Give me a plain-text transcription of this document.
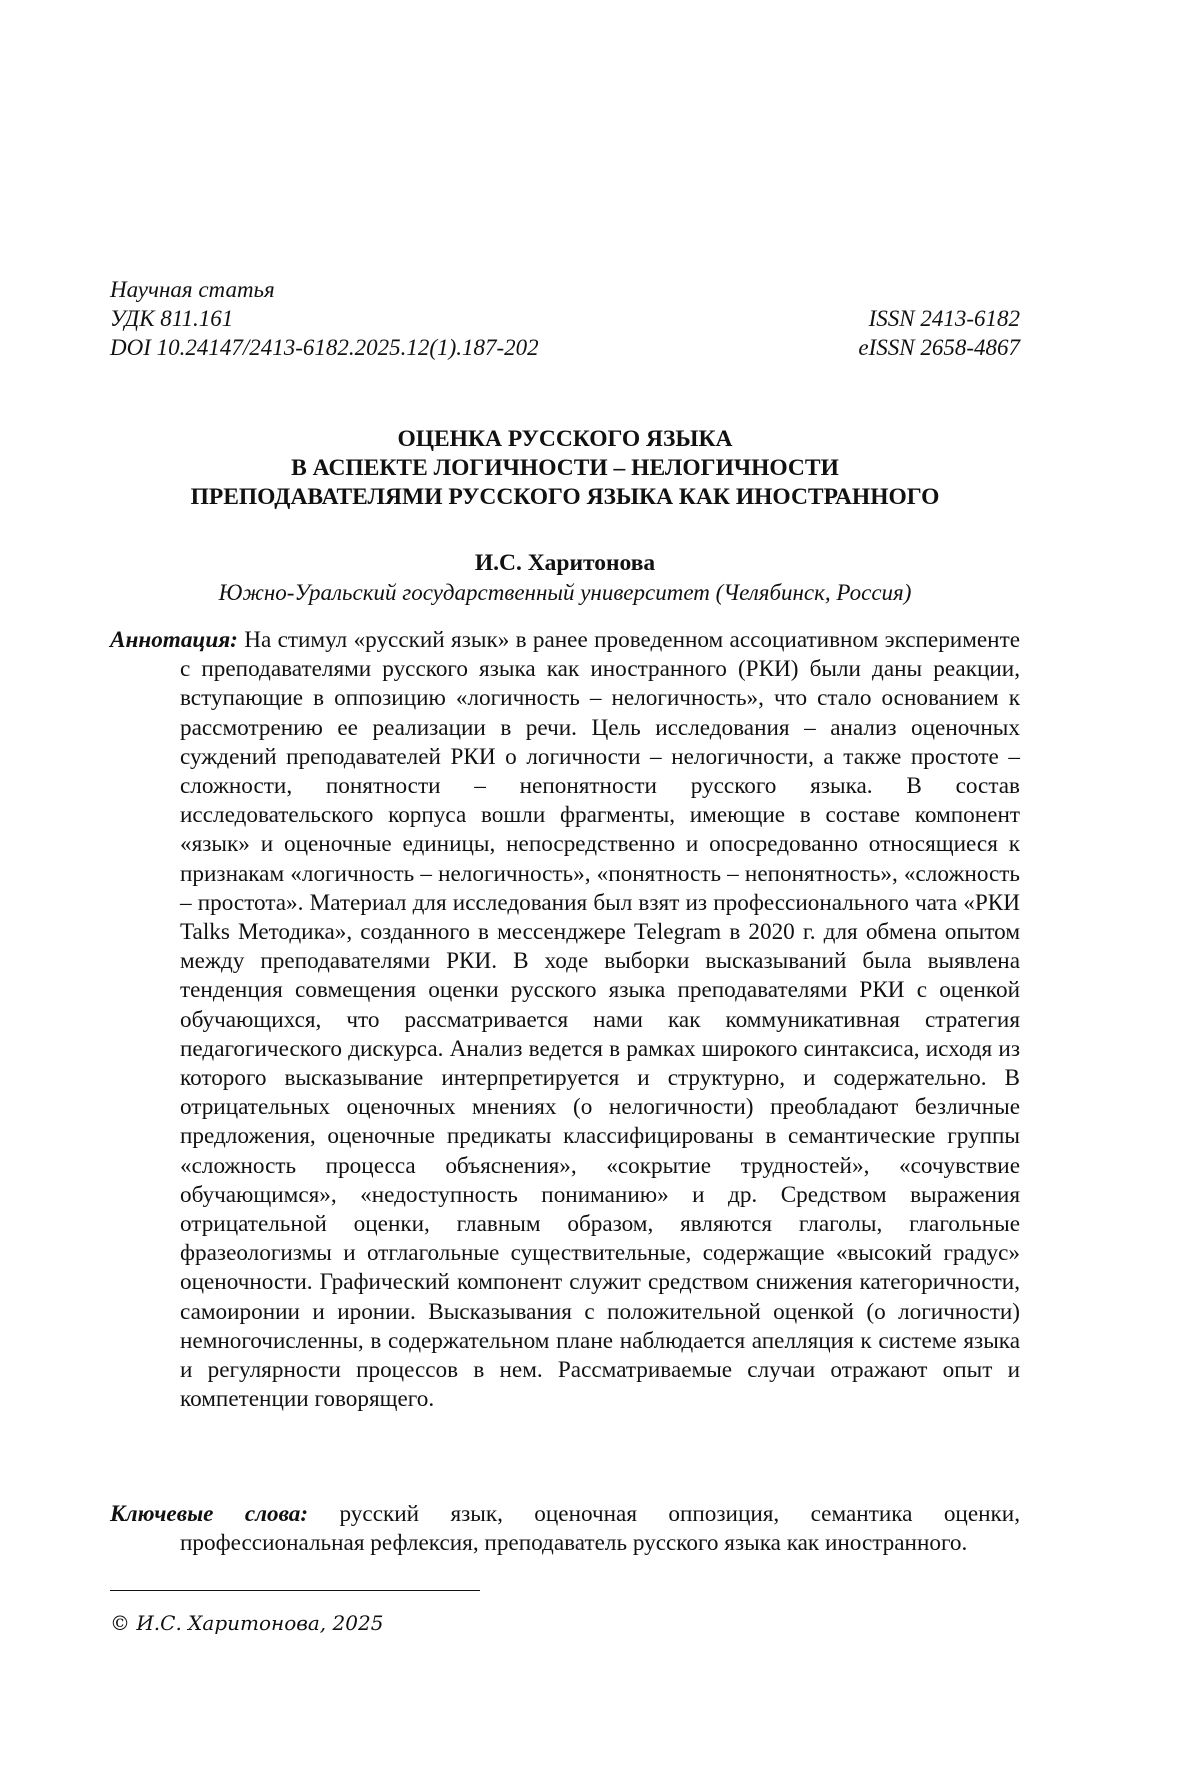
Научная статья
УДК 811.161	ISSN 2413-6182
DOI 10.24147/2413-6182.2025.12(1).187-202	eISSN 2658-4867
ОЦЕНКА РУССКОГО ЯЗЫКА
В АСПЕКТЕ ЛОГИЧНОСТИ – НЕЛОГИЧНОСТИ
ПРЕПОДАВАТЕЛЯМИ РУССКОГО ЯЗЫКА КАК ИНОСТРАННОГО
И.С. Харитонова
Южно-Уральский государственный университет (Челябинск, Россия)
Аннотация: На стимул «русский язык» в ранее проведенном ассоциативном эксперименте с преподавателями русского языка как иностранного (РКИ) были даны реакции, вступающие в оппозицию «логичность – нелогичность», что стало основанием к рассмотрению ее реализации в речи. Цель исследования – анализ оценочных суждений преподавателей РКИ о логичности – нелогичности, а также простоте – сложности, понятности – непонятности русского языка. В состав исследовательского корпуса вошли фрагменты, имеющие в составе компонент «язык» и оценочные единицы, непосредственно и опосредованно относящиеся к признакам «логичность – нелогичность», «понятность – непонятность», «сложность – простота». Материал для исследования был взят из профессионального чата «РКИ Talks Методика», созданного в мессенджере Telegram в 2020 г. для обмена опытом между преподавателями РКИ. В ходе выборки высказываний была выявлена тенденция совмещения оценки русского языка преподавателями РКИ с оценкой обучающихся, что рассматривается нами как коммуникативная стратегия педагогического дискурса. Анализ ведется в рамках широкого синтаксиса, исходя из которого высказывание интерпретируется и структурно, и содержательно. В отрицательных оценочных мнениях (о нелогичности) преобладают безличные предложения, оценочные предикаты классифицированы в семантические группы «сложность процесса объяснения», «сокрытие трудностей», «сочувствие обучающимся», «недоступность пониманию» и др. Средством выражения отрицательной оценки, главным образом, являются глаголы, глагольные фразеологизмы и отглагольные существительные, содержащие «высокий градус» оценочности. Графический компонент служит средством снижения категоричности, самоиронии и иронии. Высказывания с положительной оценкой (о логичности) немногочисленны, в содержательном плане наблюдается апелляция к системе языка и регулярности процессов в нем. Рассматриваемые случаи отражают опыт и компетенции говорящего.
Ключевые слова: русский язык, оценочная оппозиция, семантика оценки, профессиональная рефлексия, преподаватель русского языка как иностранного.
© И.С. Харитонова, 2025
